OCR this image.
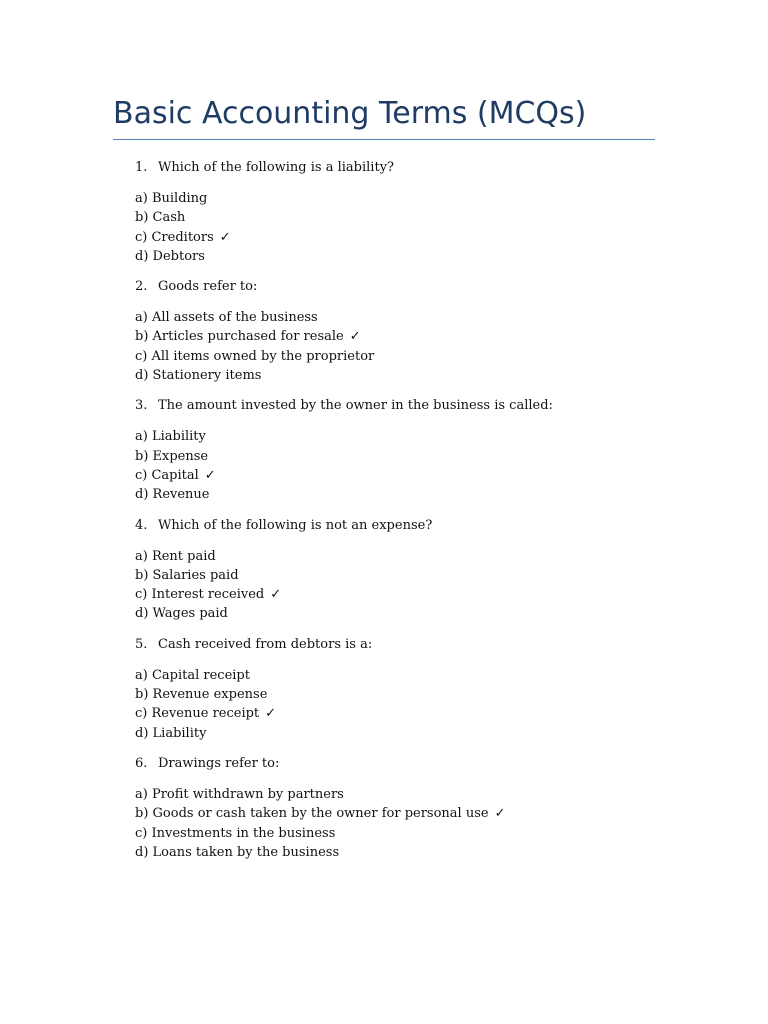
Basic Accounting Terms (MCQs)
1. Which of the following is a liability?
a) Building
b) Cash
c) Creditors ✓
d) Debtors
2. Goods refer to:
a) All assets of the business
b) Articles purchased for resale ✓
c) All items owned by the proprietor
d) Stationery items
3. The amount invested by the owner in the business is called:
a) Liability
b) Expense
c) Capital ✓
d) Revenue
4. Which of the following is not an expense?
a) Rent paid
b) Salaries paid
c) Interest received ✓
d) Wages paid
5. Cash received from debtors is a:
a) Capital receipt
b) Revenue expense
c) Revenue receipt ✓
d) Liability
6. Drawings refer to:
a) Profit withdrawn by partners
b) Goods or cash taken by the owner for personal use ✓
c) Investments in the business
d) Loans taken by the business
